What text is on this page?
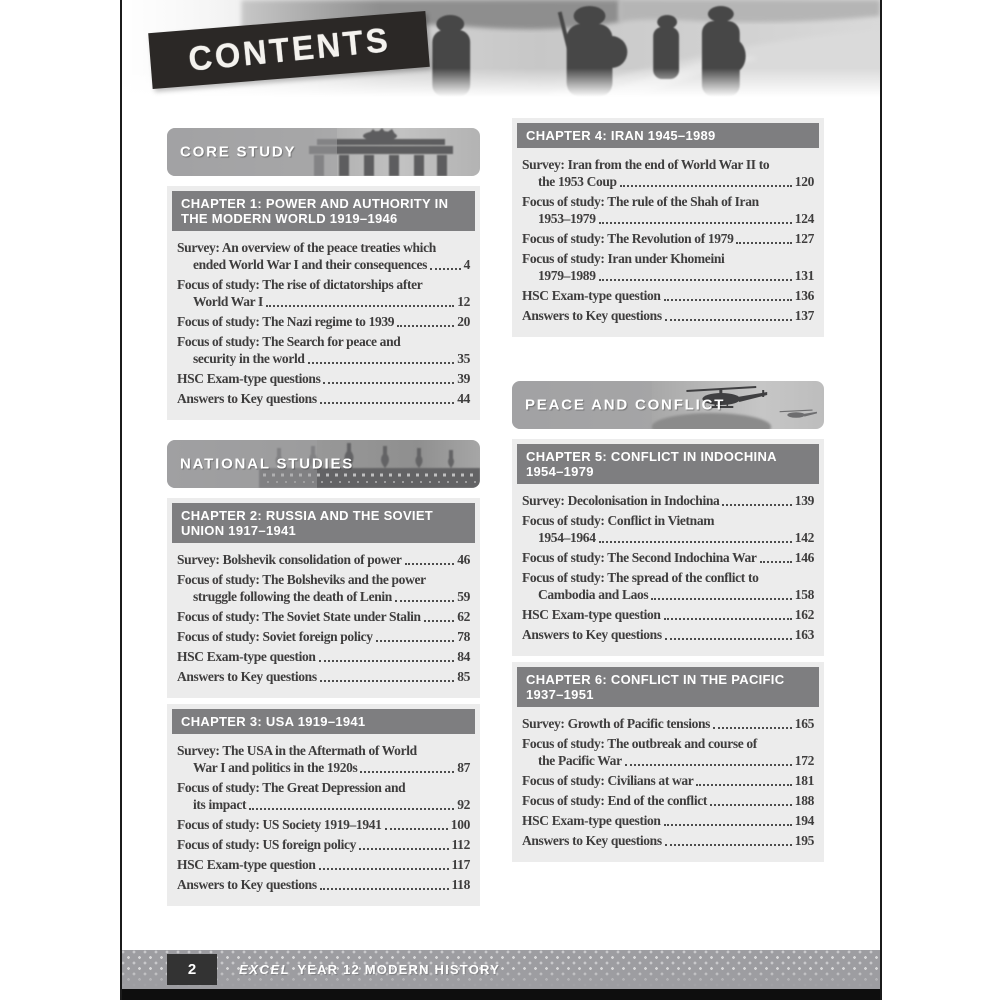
CONTENTS
CORE STUDY
CHAPTER 1: POWER AND AUTHORITY IN
THE MODERN WORLD 1919–1946
Survey: An overview of the peace treaties which
ended World War I and their consequences	4
Focus of study: The rise of dictatorships after
World War I	12
Focus of study: The Nazi regime to 1939	20
Focus of study: The Search for peace and
security in the world	35
HSC Exam-type questions	39
Answers to Key questions	44
NATIONAL STUDIES
CHAPTER 2: RUSSIA AND THE SOVIET
UNION 1917–1941
Survey: Bolshevik consolidation of power	46
Focus of study: The Bolsheviks and the power
struggle following the death of Lenin	59
Focus of study: The Soviet State under Stalin	62
Focus of study: Soviet foreign policy	78
HSC Exam-type question	84
Answers to Key questions	85
CHAPTER 3: USA 1919–1941
Survey: The USA in the Aftermath of World
War I and politics in the 1920s	87
Focus of study: The Great Depression and
its impact	92
Focus of study: US Society 1919–1941	100
Focus of study: US foreign policy	112
HSC Exam-type question	117
Answers to Key questions	118
CHAPTER 4: IRAN 1945–1989
Survey: Iran from the end of World War II to
the 1953 Coup	120
Focus of study: The rule of the Shah of Iran
1953–1979	124
Focus of study: The Revolution of 1979	127
Focus of study: Iran under Khomeini
1979–1989	131
HSC Exam-type question	136
Answers to Key questions	137
PEACE AND CONFLICT
CHAPTER 5: CONFLICT IN INDOCHINA
1954–1979
Survey: Decolonisation in Indochina	139
Focus of study: Conflict in Vietnam
1954–1964	142
Focus of study: The Second Indochina War	146
Focus of study: The spread of the conflict to
Cambodia and Laos	158
HSC Exam-type question	162
Answers to Key questions	163
CHAPTER 6: CONFLICT IN THE PACIFIC
1937–1951
Survey: Growth of Pacific tensions	165
Focus of study: The outbreak and course of
the Pacific War	172
Focus of study: Civilians at war	181
Focus of study: End of the conflict	188
HSC Exam-type question	194
Answers to Key questions	195
2	EXCEL YEAR 12 MODERN HISTORY
